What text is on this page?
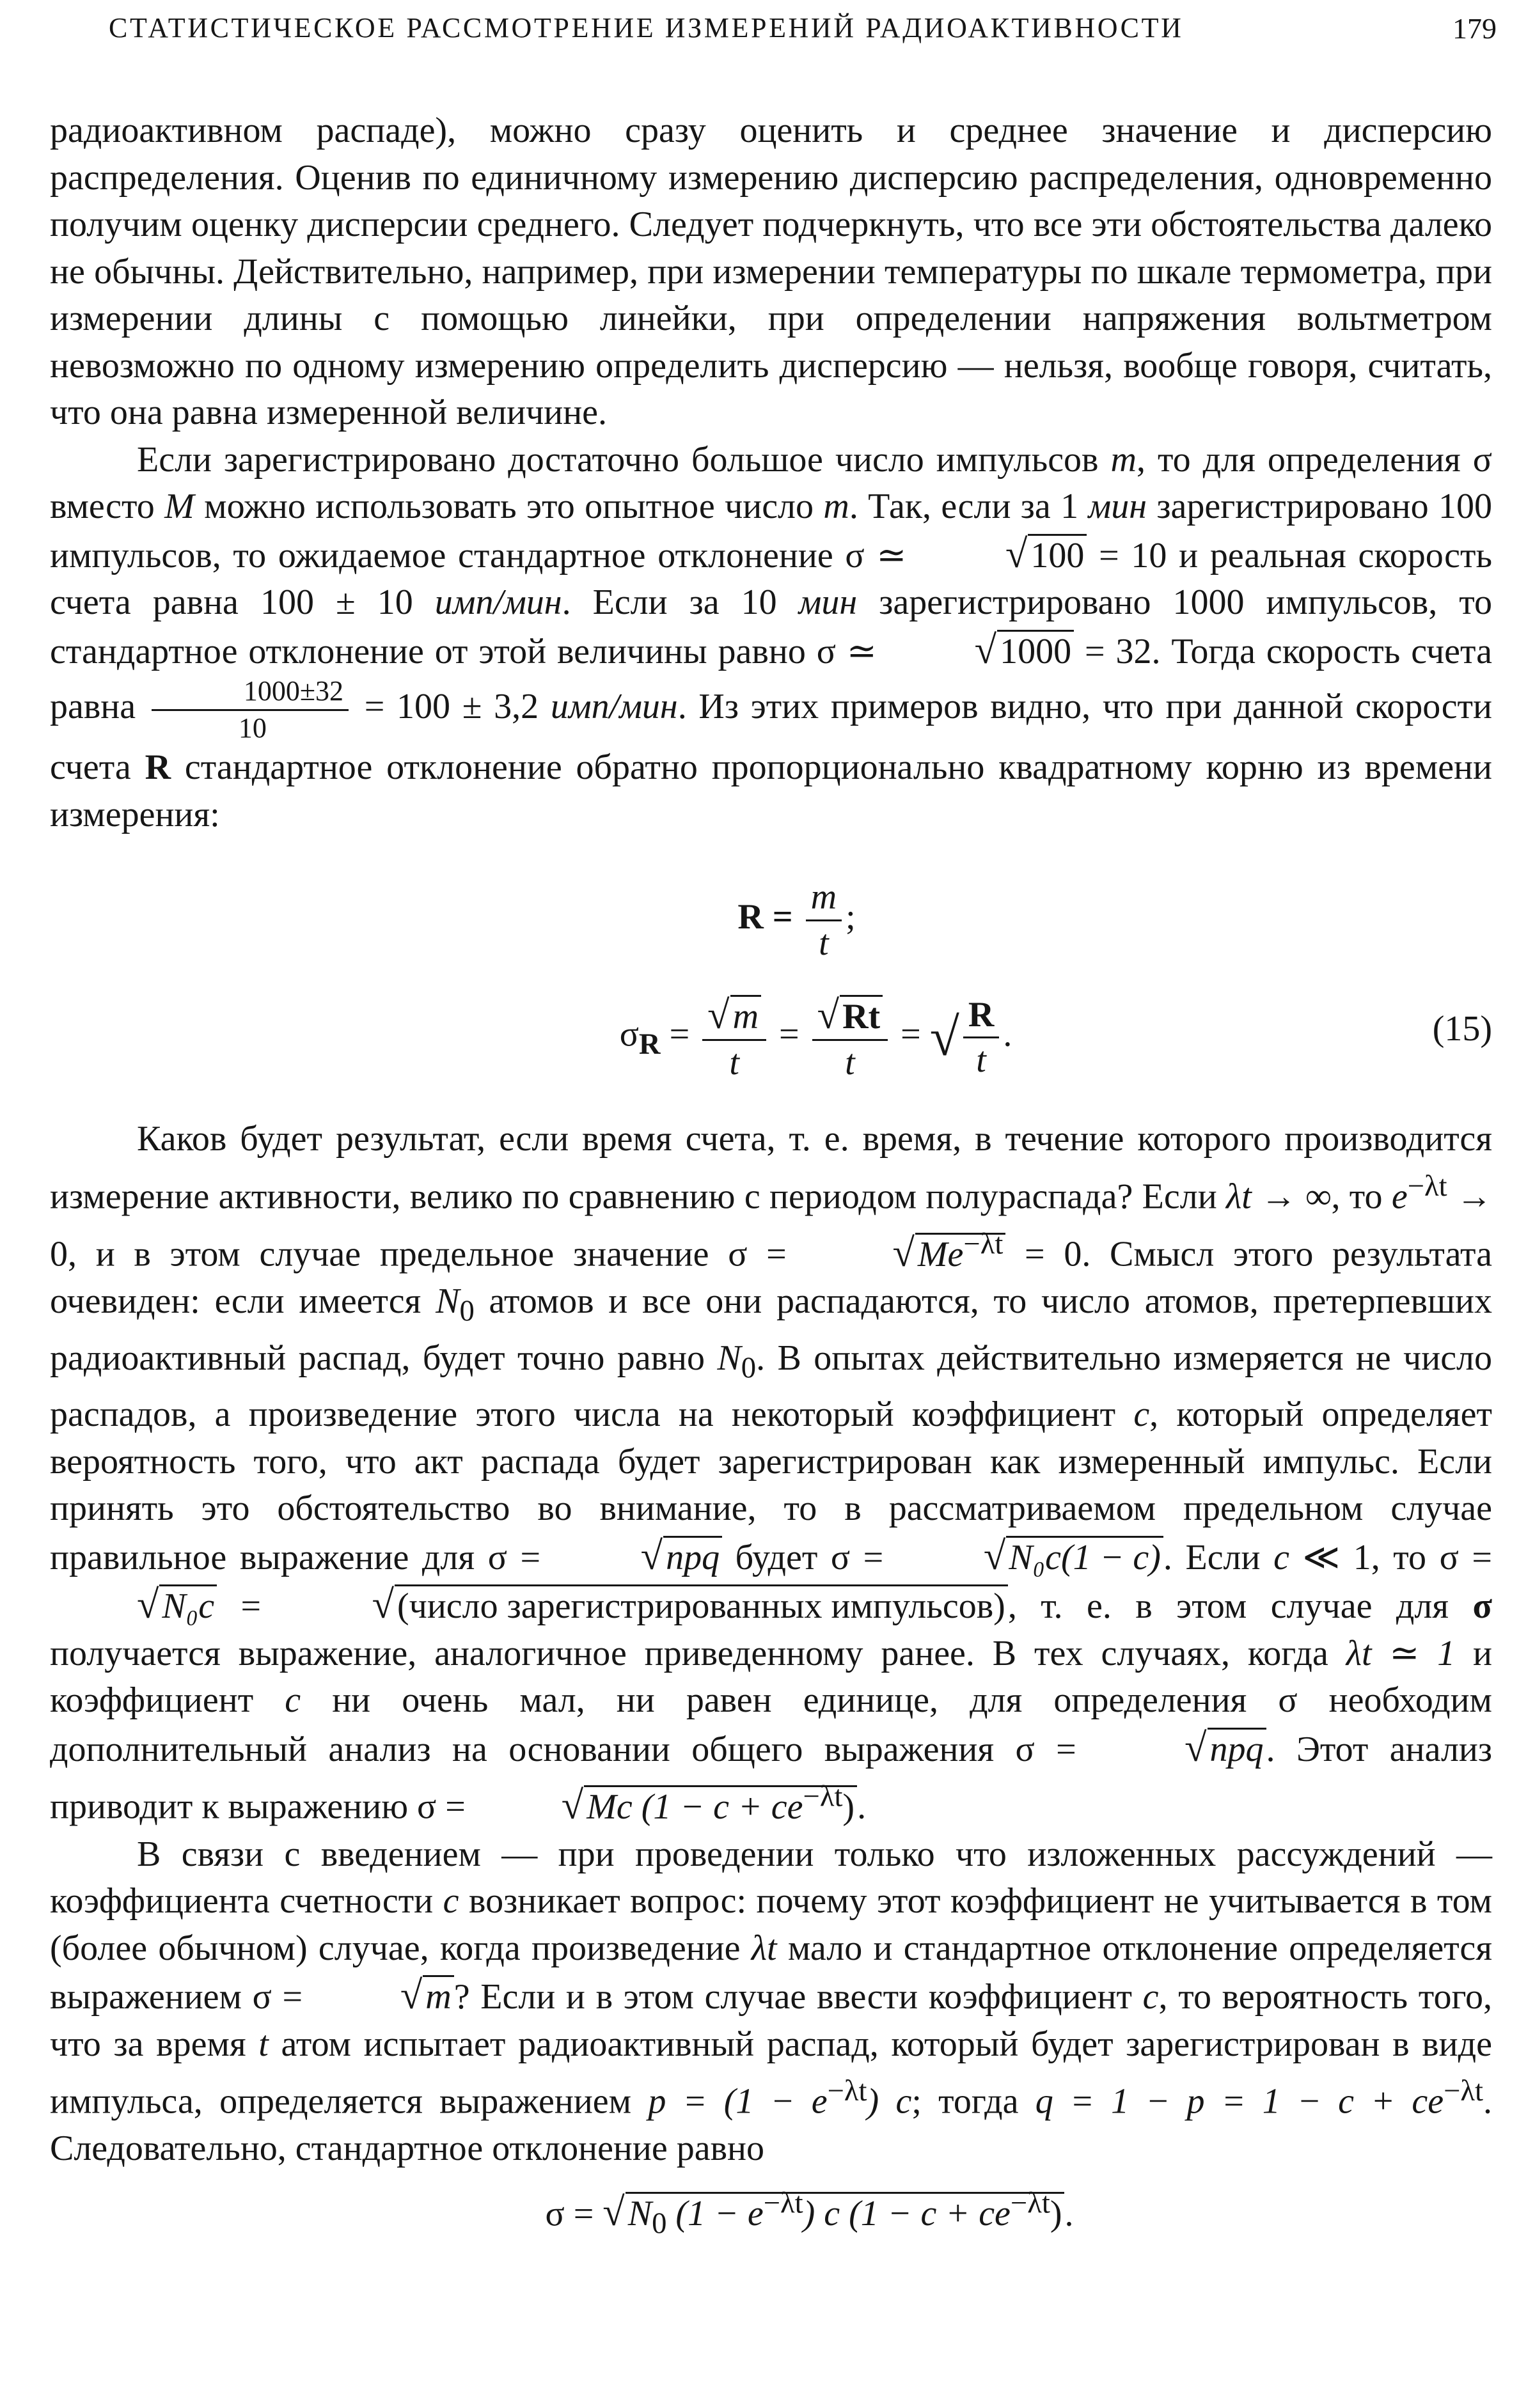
СТАТИСТИЧЕСКОЕ РАССМОТРЕНИЕ ИЗМЕРЕНИЙ РАДИОАКТИВНОСТИ	179

радиоактивном распаде), можно сразу оценить и среднее значение и дисперсию распределения. Оценив по единичному измерению дисперсию распределения, одновременно получим оценку дисперсии среднего. Следует подчеркнуть, что все эти обстоятельства далеко не обычны. Действительно, например, при измерении температуры по шкале термометра, при измерении длины с помощью линейки, при определении напряжения вольтметром невозможно по одному измерению определить дисперсию — нельзя, вообще говоря, считать, что она равна измеренной величине.

Если зарегистрировано достаточно большое число импульсов m, то для определения σ вместо M можно использовать это опытное число m. Так, если за 1 мин зарегистрировано 100 импульсов, то ожидаемое стандартное отклонение σ ≃ √100 = 10 и реальная скорость счета равна 100 ± 10 имп/мин. Если за 10 мин зарегистрировано 1000 импульсов, то стандартное отклонение от этой величины равно σ ≃ √1000 = 32. Тогда скорость счета равна $\frac{1000\pm 32}{10} = 100 \pm 3,2$ имп/мин. Из этих примеров видно, что при данной скорости счета R стандартное отклонение обратно пропорционально квадратному корню из времени измерения:

$R = \frac{m}{t}$ ;
$\sigma_R = \frac{√m}{t} = \frac{√Rt}{t}$ = √ $\frac{R}{t}$ .	(15)

Каков будет результат, если время счета, т. е. время, в течение которого производится измерение активности, велико по сравнению с периодом полураспада? Если λt → ∞, то $e^{-\lambda t} \to 0$, и в этом случае предельное значение $\sigma = √Me^{-\lambda t} = 0$. Смысл этого результата очевиден: если имеется $N_0$ атомов и все они распадаются, то число атомов, претерпевших радиоактивный распад, будет точно равно $N_0$. В опытах действительно измеряется не число распадов, а произведение этого числа на некоторый коэффициент c, который определяет вероятность того, что акт распада будет зарегистрирован как измеренный импульс. Если принять это обстоятельство во внимание, то в рассматриваемом предельном случае правильное выражение для σ = √npq будет σ = √N₀c(1 − c). Если c ≪ 1, то σ = √N₀c = √(число зарегистрированных импульсов), т. е. в этом случае для σ получается выражение, аналогичное приведенному ранее. В тех случаях, когда λt ≃ 1 и коэффициент c ни очень мал, ни равен единице, для определения σ необходим дополнительный анализ на основании общего выражения σ = √npq. Этот анализ приводит к выражению σ = √Mc $(1 - c + ce^{-\lambda t})$.

В связи с введением — при проведении только что изложенных рассуждений — коэффициента счетности c возникает вопрос: почему этот коэффициент не учитывается в том (более обычном) случае, когда произведение λt мало и стандартное отклонение определяется выражением σ = √m? Если и в этом случае ввести коэффициент c, то вероятность того, что за время t атом испытает радиоактивный распад, который будет зарегистрирован в виде импульса, определяется выражением $p = (1 - e^{-\lambda t})$ c; тогда $q = 1 - p = 1 - c + ce^{-\lambda t}$. Следовательно, стандартное отклонение равно

$\sigma = √N_0$ $(1 - e^{-\lambda t})$ c $(1 - c + ce^{-\lambda t})$.
